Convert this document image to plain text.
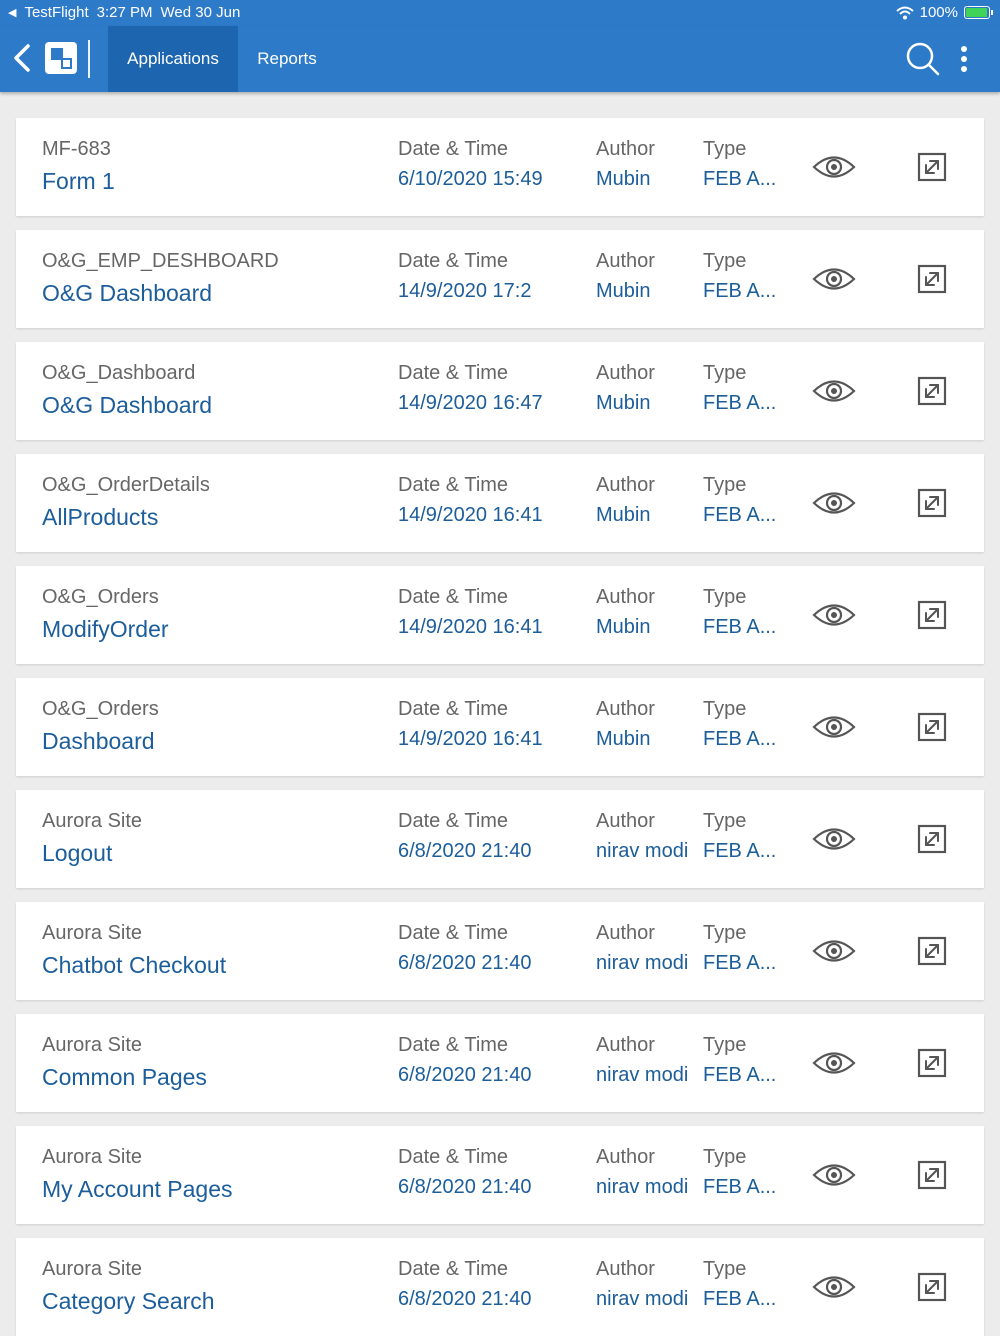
◀ TestFlight 3:27 PM Wed 30 Jun	100%
Applications	Reports
MF-683
Form 1
Date & Time
6/10/2020 15:49
Author
Mubin
Type
FEB A...
O&G_EMP_DESHBOARD
O&G Dashboard
Date & Time
14/9/2020 17:2
Author
Mubin
Type
FEB A...
O&G_Dashboard
O&G Dashboard
Date & Time
14/9/2020 16:47
Author
Mubin
Type
FEB A...
O&G_OrderDetails
AllProducts
Date & Time
14/9/2020 16:41
Author
Mubin
Type
FEB A...
O&G_Orders
ModifyOrder
Date & Time
14/9/2020 16:41
Author
Mubin
Type
FEB A...
O&G_Orders
Dashboard
Date & Time
14/9/2020 16:41
Author
Mubin
Type
FEB A...
Aurora Site
Logout
Date & Time
6/8/2020 21:40
Author
nirav modi
Type
FEB A...
Aurora Site
Chatbot Checkout
Date & Time
6/8/2020 21:40
Author
nirav modi
Type
FEB A...
Aurora Site
Common Pages
Date & Time
6/8/2020 21:40
Author
nirav modi
Type
FEB A...
Aurora Site
My Account Pages
Date & Time
6/8/2020 21:40
Author
nirav modi
Type
FEB A...
Aurora Site
Category Search
Date & Time
6/8/2020 21:40
Author
nirav modi
Type
FEB A...
